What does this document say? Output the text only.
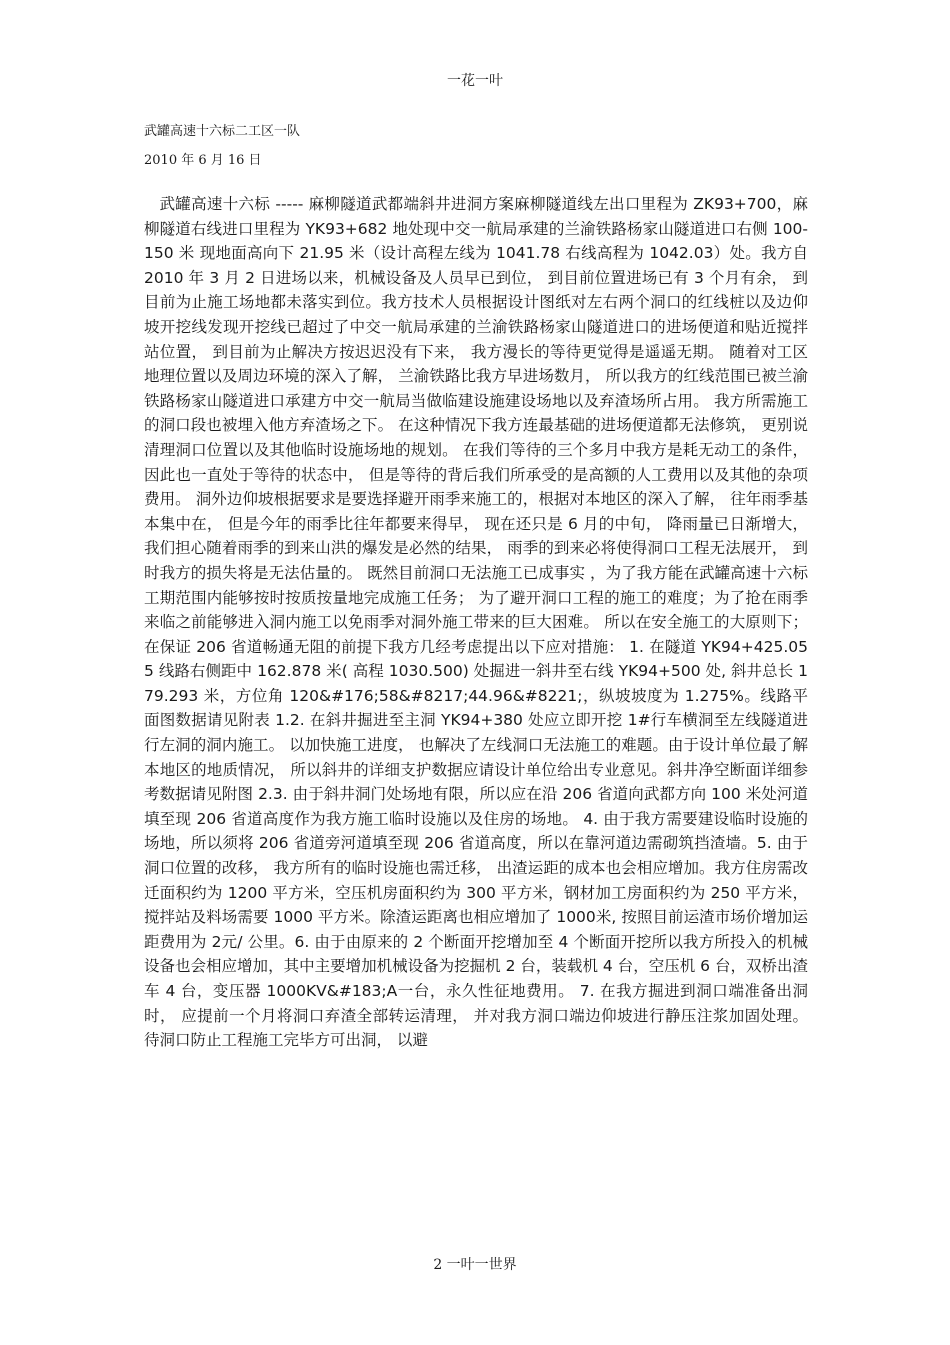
一花一叶
武罐高速十六标二工区一队
2010 年 6 月 16 日

武罐高速十六标 ----- 麻柳隧道武都端斜井进洞方案麻柳隧道线左出口里程为 ZK93+700，麻柳隧道右线进口里程为 YK93+682 地处现中交一航局承建的兰渝铁路杨家山隧道进口右侧 100-150 米 现地面高向下 21.95 米（设计高程左线为 1041.78 右线高程为 1042.03）处。我方自 2010 年 3 月 2 日进场以来，机械设备及人员早已到位， 到目前位置进场已有 3 个月有余， 到目前为止施工场地都未落实到位。我方技术人员根据设计图纸对左右两个洞口的红线桩以及边仰坡开挖线发现开挖线已超过了中交一航局承建的兰渝铁路杨家山隧道进口的进场便道和贴近搅拌站位置， 到目前为止解决方按迟迟没有下来， 我方漫长的等待更觉得是遥遥无期。 随着对工区地理位置以及周边环境的深入了解， 兰渝铁路比我方早进场数月， 所以我方的红线范围已被兰渝铁路杨家山隧道进口承建方中交一航局当做临建设施建设场地以及弃渣场所占用。 我方所需施工的洞口段也被埋入他方弃渣场之下。 在这种情况下我方连最基础的进场便道都无法修筑， 更别说清理洞口位置以及其他临时设施场地的规划。 在我们等待的三个多月中我方是耗无动工的条件， 因此也一直处于等待的状态中， 但是等待的背后我们所承受的是高额的人工费用以及其他的杂项费用。 洞外边仰坡根据要求是要选择避开雨季来施工的，根据对本地区的深入了解， 往年雨季基本集中在， 但是今年的雨季比往年都要来得早， 现在还只是 6 月的中旬， 降雨量已日渐增大， 我们担心随着雨季的到来山洪的爆发是必然的结果， 雨季的到来必将使得洞口工程无法展开， 到时我方的损失将是无法估量的。 既然目前洞口无法施工已成事实 ，为了我方能在武罐高速十六标工期范围内能够按时按质按量地完成施工任务； 为了避开洞口工程的施工的难度；为了抢在雨季来临之前能够进入洞内施工以免雨季对洞外施工带来的巨大困难。 所以在安全施工的大原则下； 在保证 206 省道畅通无阻的前提下我方几经考虑提出以下应对措施： 1. 在隧道 YK94+425.055 线路右侧距中 162.878 米( 高程 1030.500) 处掘进一斜井至右线 YK94+500 处, 斜井总长 179.293 米，方位角 120&#176;58&#8217;44.96&#8221;，纵坡坡度为 1.275%。线路平面图数据请见附表 1.2. 在斜井掘进至主洞 YK94+380 处应立即开挖 1#行车横洞至左线隧道进行左洞的洞内施工。 以加快施工进度， 也解决了左线洞口无法施工的难题。由于设计单位最了解本地区的地质情况， 所以斜井的详细支护数据应请设计单位给出专业意见。斜井净空断面详细参考数据请见附图 2.3. 由于斜井洞门处场地有限，所以应在沿 206 省道向武都方向 100 米处河道填至现 206 省道高度作为我方施工临时设施以及住房的场地。 4. 由于我方需要建设临时设施的场地，所以须将 206 省道旁河道填至现 206 省道高度，所以在靠河道边需砌筑挡渣墙。5. 由于洞口位置的改移， 我方所有的临时设施也需迁移， 出渣运距的成本也会相应增加。我方住房需改迁面积约为 1200 平方米，空压机房面积约为 300 平方米，钢材加工房面积约为 250 平方米，搅拌站及料场需要 1000 平方米。除渣运距离也相应增加了 1000米, 按照目前运渣市场价增加运距费用为 2元/ 公里。6. 由于由原来的 2 个断面开挖增加至 4 个断面开挖所以我方所投入的机械设备也会相应增加，其中主要增加机械设备为挖掘机 2 台，装载机 4 台，空压机 6 台，双桥出渣车 4 台，变压器 1000KV&#183;A一台，永久性征地费用。 7. 在我方掘进到洞口端准备出洞时， 应提前一个月将洞口弃渣全部转运清理， 并对我方洞口端边仰坡进行静压注浆加固处理。 待洞口防止工程施工完毕方可出洞， 以避

2 一叶一世界
